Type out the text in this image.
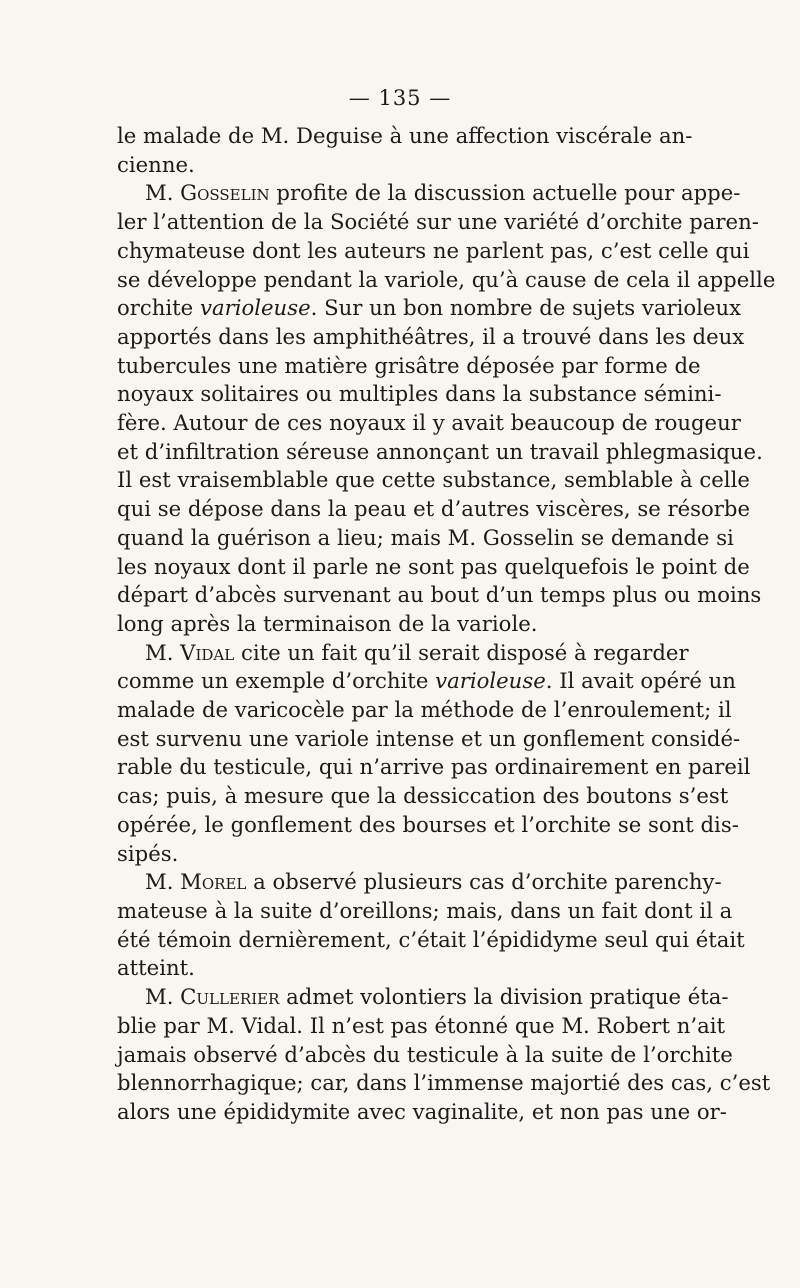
— 135 —
le malade de M. Deguise à une affection viscérale an-
cienne.
M. Gosselin profite de la discussion actuelle pour appe-
ler l’attention de la Société sur une variété d’orchite paren-
chymateuse dont les auteurs ne parlent pas, c’est celle qui
se développe pendant la variole, qu’à cause de cela il appelle
orchite varioleuse. Sur un bon nombre de sujets varioleux
apportés dans les amphithéâtres, il a trouvé dans les deux
tubercules une matière grisâtre déposée par forme de
noyaux solitaires ou multiples dans la substance sémini-
fère. Autour de ces noyaux il y avait beaucoup de rougeur
et d’infiltration séreuse annonçant un travail phlegmasique.
Il est vraisemblable que cette substance, semblable à celle
qui se dépose dans la peau et d’autres viscères, se résorbe
quand la guérison a lieu; mais M. Gosselin se demande si
les noyaux dont il parle ne sont pas quelquefois le point de
départ d’abcès survenant au bout d’un temps plus ou moins
long après la terminaison de la variole.
M. Vidal cite un fait qu’il serait disposé à regarder
comme un exemple d’orchite varioleuse. Il avait opéré un
malade de varicocèle par la méthode de l’enroulement; il
est survenu une variole intense et un gonflement considé-
rable du testicule, qui n’arrive pas ordinairement en pareil
cas; puis, à mesure que la dessiccation des boutons s’est
opérée, le gonflement des bourses et l’orchite se sont dis-
sipés.
M. Morel a observé plusieurs cas d’orchite parenchy-
mateuse à la suite d’oreillons; mais, dans un fait dont il a
été témoin dernièrement, c’était l’épididyme seul qui était
atteint.
M. Cullerier admet volontiers la division pratique éta-
blie par M. Vidal. Il n’est pas étonné que M. Robert n’ait
jamais observé d’abcès du testicule à la suite de l’orchite
blennorrhagique; car, dans l’immense majortié des cas, c’est
alors une épididymite avec vaginalite, et non pas une or-
